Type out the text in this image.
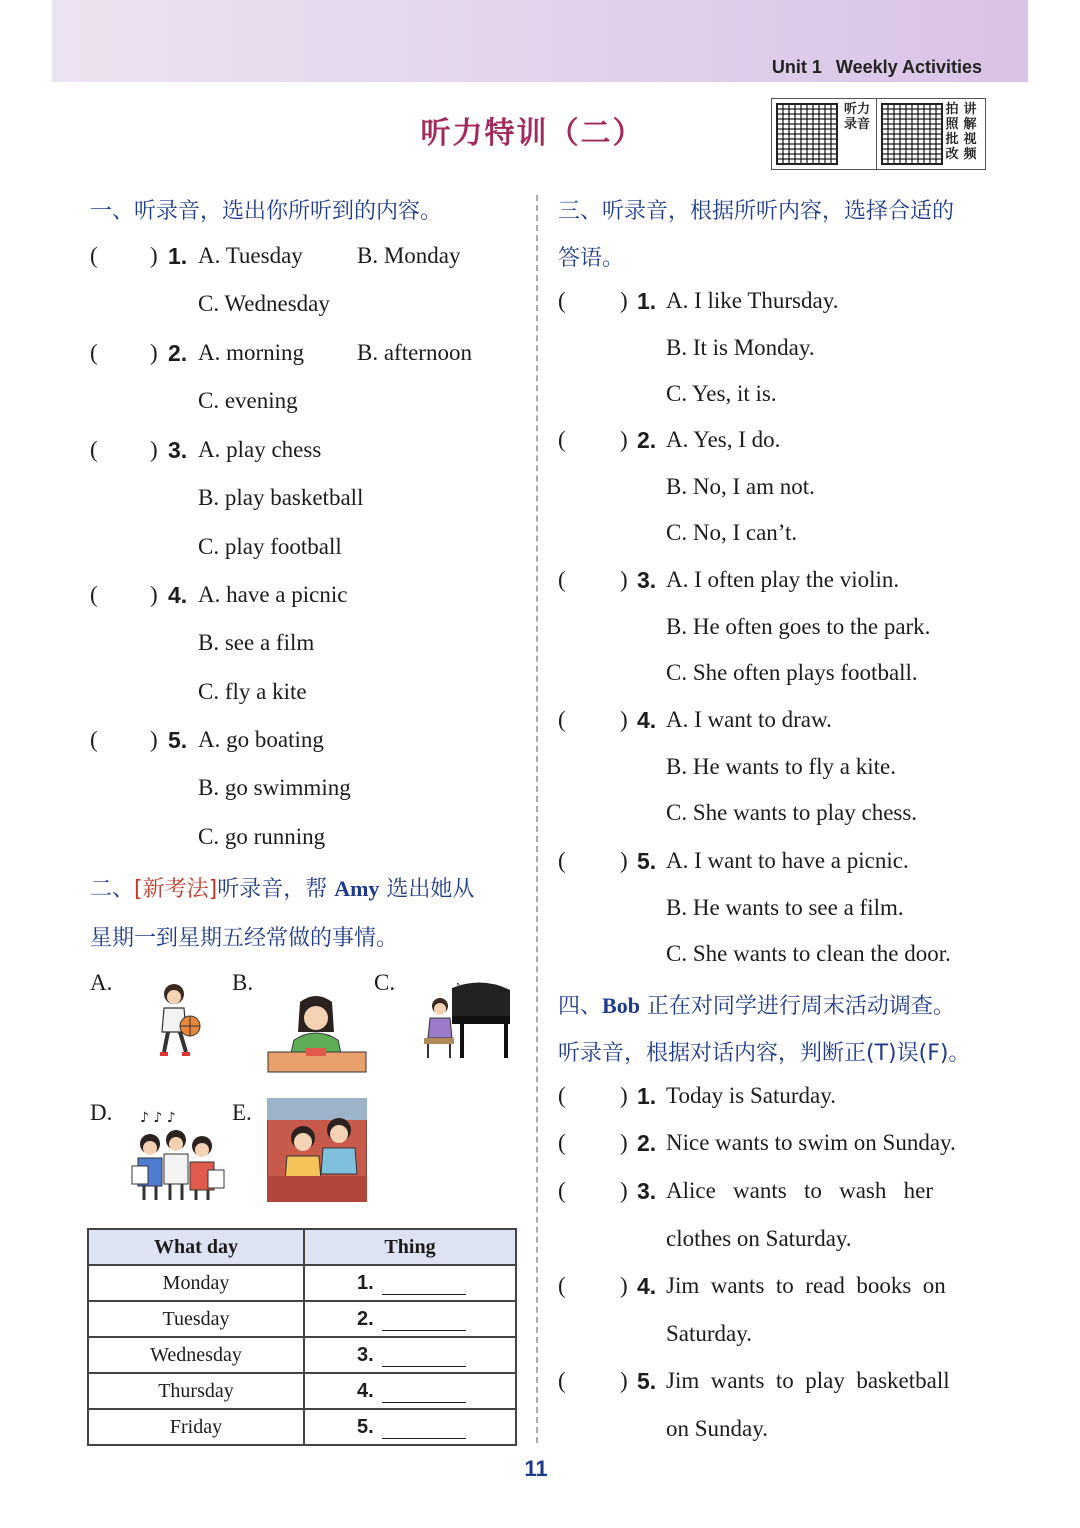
Unit 1 Weekly Activities
听力特训（二）
听力录音
拍照批改讲解视频
一、听录音，选出你所听到的内容。
( ) 1. A. Tuesday B. Monday
C. Wednesday
( ) 2. A. morning B. afternoon
C. evening
( ) 3. A. play chess
B. play basketball
C. play football
( ) 4. A. have a picnic
B. see a film
C. fly a kite
( ) 5. A. go boating
B. go swimming
C. go running
二、[新考法]听录音，帮 Amy 选出她从
星期一到星期五经常做的事情。
A.	B.	C.
D.	E.
♪
♪ ♪ ♪
What day	Thing
Monday	1.
Tuesday	2.
Wednesday	3.
Thursday	4.
Friday	5.
三、听录音，根据所听内容，选择合适的
答语。
( ) 1. A. I like Thursday.
B. It is Monday.
C. Yes, it is.
( ) 2. A. Yes, I do.
B. No, I am not.
C. No, I can’t.
( ) 3. A. I often play the violin.
B. He often goes to the park.
C. She often plays football.
( ) 4. A. I want to draw.
B. He wants to fly a kite.
C. She wants to play chess.
( ) 5. A. I want to have a picnic.
B. He wants to see a film.
C. She wants to clean the door.
四、Bob 正在对同学进行周末活动调查。
听录音，根据对话内容，判断正(T)误(F)。
( ) 1. Today is Saturday.
( ) 2. Nice wants to swim on Sunday.
( ) 3. Alice   wants   to   wash   her
clothes on Saturday.
( ) 4. Jim  wants  to  read  books  on
Saturday.
( ) 5. Jim  wants  to  play  basketball
on Sunday.
11
